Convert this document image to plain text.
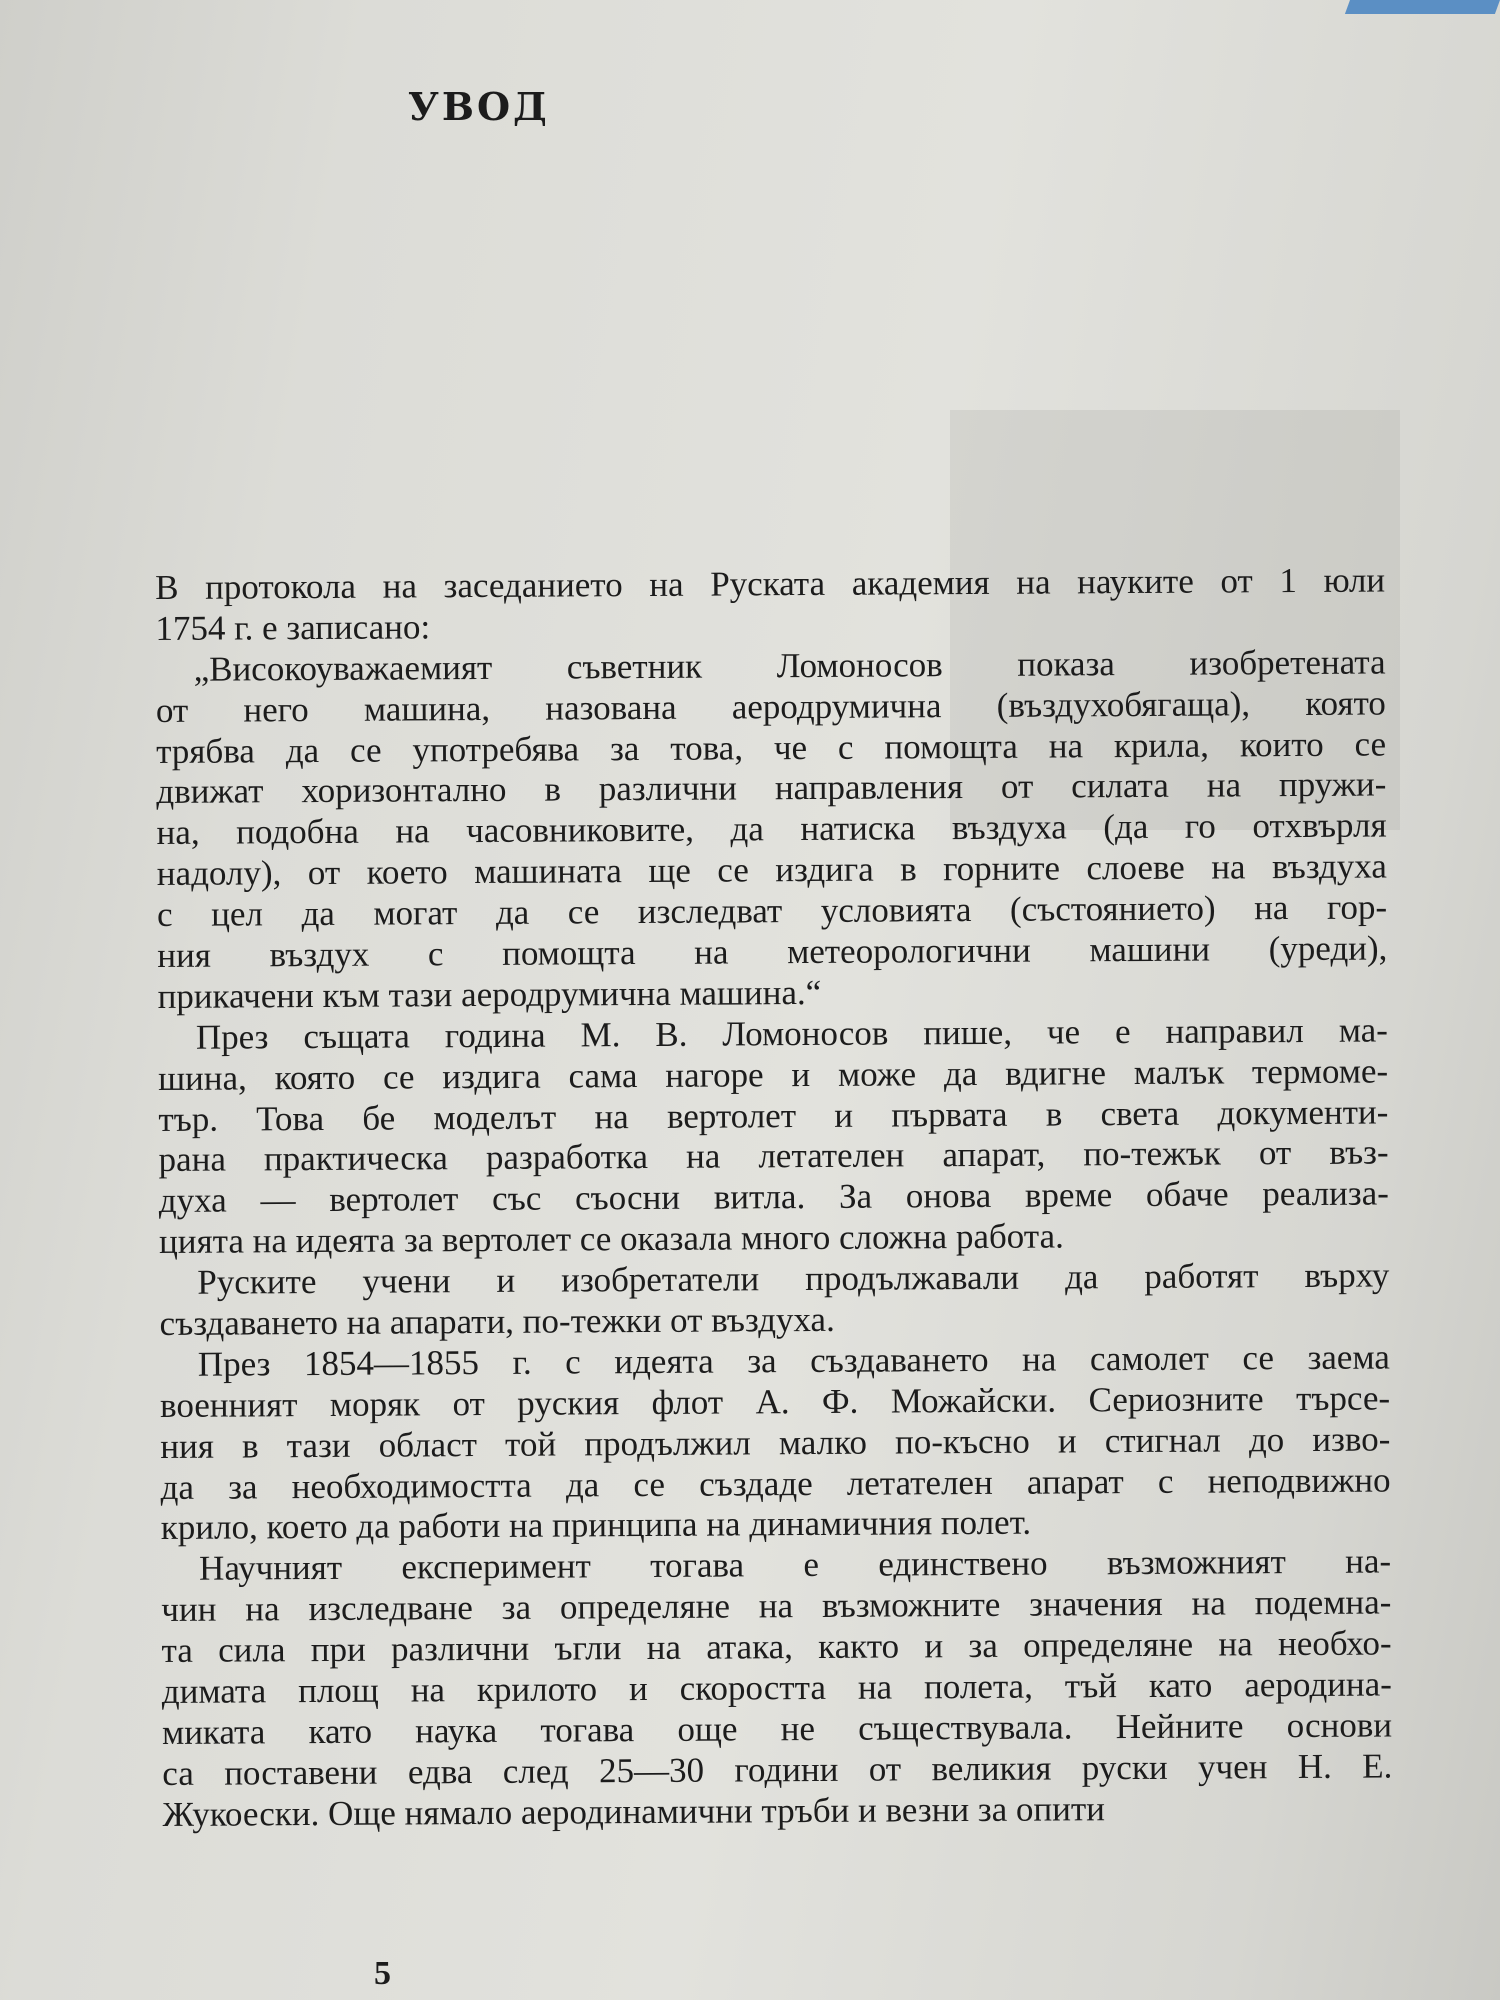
УВОД
В протокола на заседанието на Руската академия на науките от 1 юли
1754 г. е записано:
„Високоуважаемият съветник Ломоносов показа изобретената
от него машина, назована аеродрумична (въздухобягаща), която
трябва да се употребява за това, че с помощта на крила, които се
движат хоризонтално в различни направления от силата на пружи-
на, подобна на часовниковите, да натиска въздуха (да го отхвърля
надолу), от което машината ще се издига в горните слоеве на въздуха
с цел да могат да се изследват условията (състоянието) на гор-
ния въздух с помощта на метеорологични машини (уреди),
прикачени към тази аеродрумична машина.“
През същата година М. В. Ломоносов пише, че е направил ма-
шина, която се издига сама нагоре и може да вдигне малък термоме-
тър. Това бе моделът на вертолет и първата в света документи-
рана практическа разработка на летателен апарат, по-тежък от въз-
духа — вертолет със съосни витла. За онова време обаче реализа-
цията на идеята за вертолет се оказала много сложна работа.
Руските учени и изобретатели продължавали да работят върху
създаването на апарати, по-тежки от въздуха.
През 1854—1855 г. с идеята за създаването на самолет се заема
военният моряк от руския флот А. Ф. Можайски. Сериозните търсе-
ния в тази област той продължил малко по-късно и стигнал до изво-
да за необходимостта да се създаде летателен апарат с неподвижно
крило, което да работи на принципа на динамичния полет.
Научният експеримент тогава е единствено възможният на-
чин на изследване за определяне на възможните значения на подемна-
та сила при различни ъгли на атака, както и за определяне на необхо-
димата площ на крилото и скоростта на полета, тъй като аеродина-
миката като наука тогава още не съществувала. Нейните основи
са поставени едва след 25—30 години от великия руски учен Н. Е.
Жукоески. Още нямало аеродинамични тръби и везни за опити
5
